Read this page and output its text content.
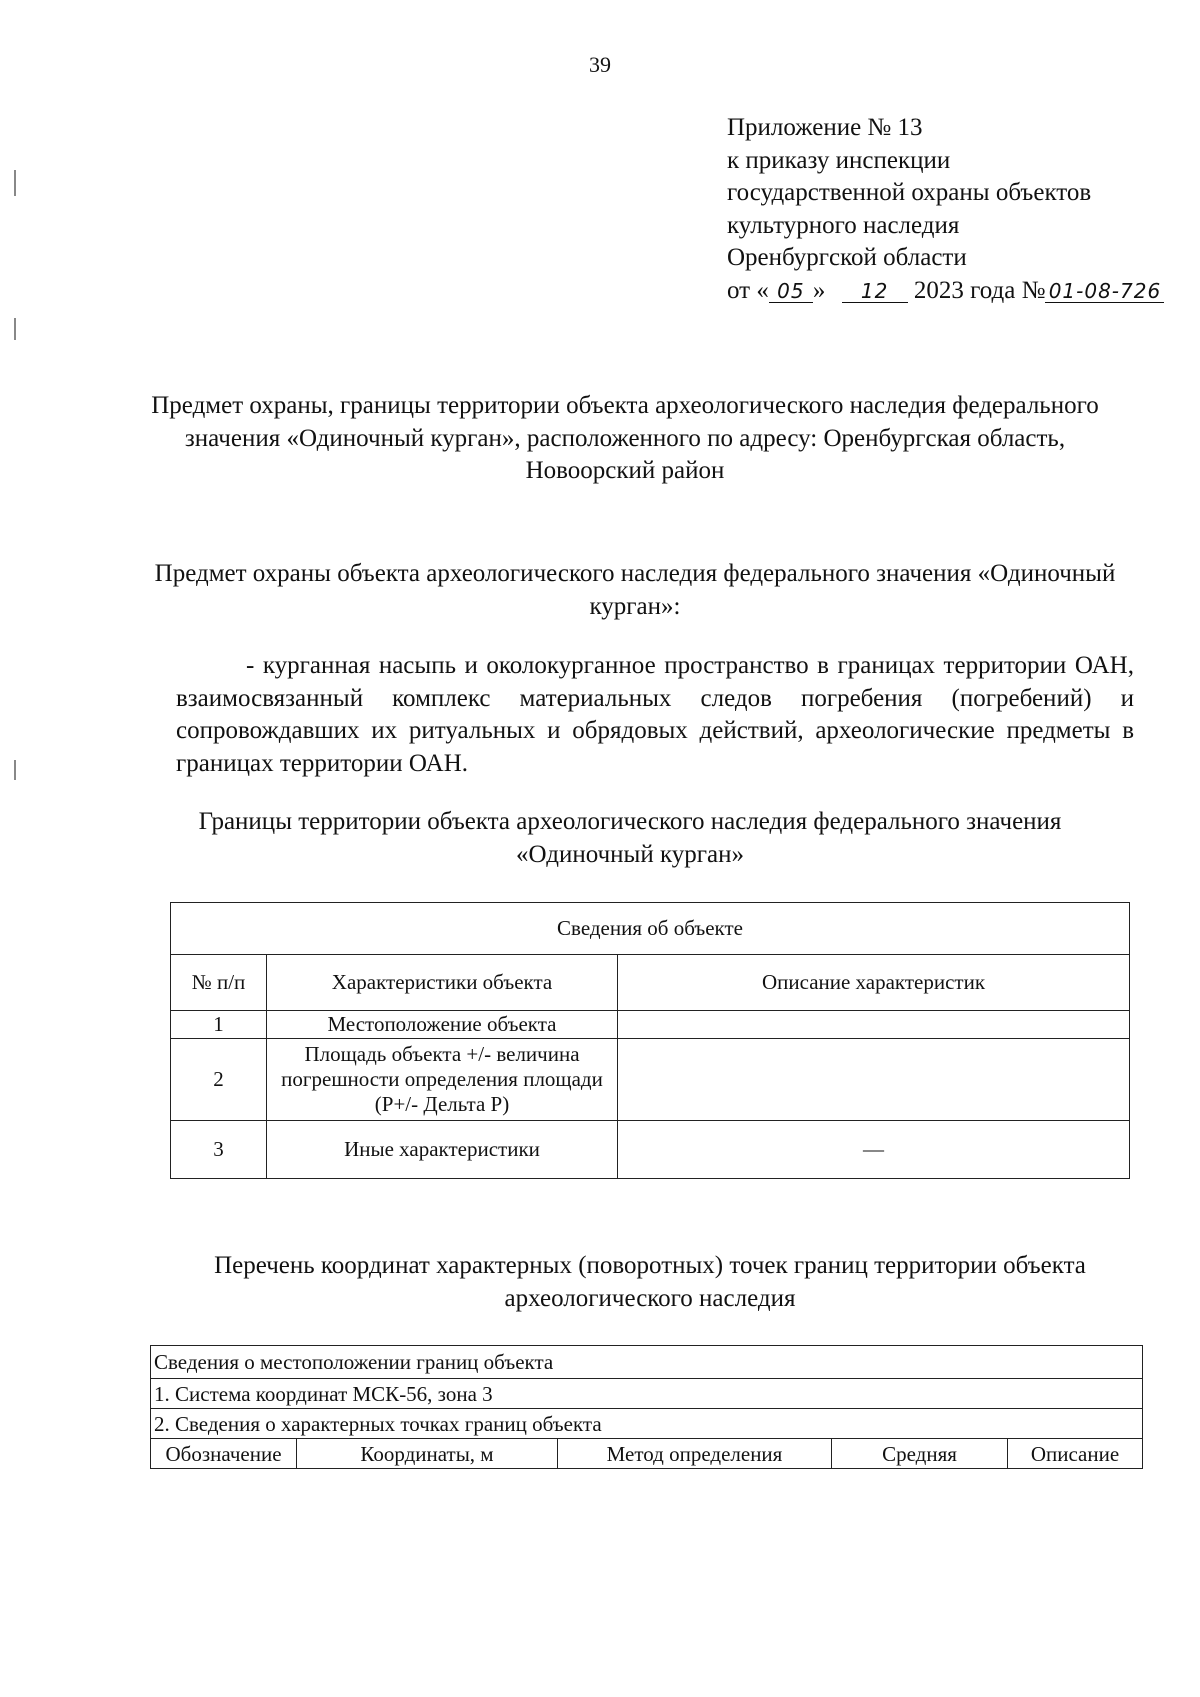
39
Приложение № 13
к приказу инспекции
государственной охраны объектов
культурного наследия
Оренбургской области
от « 05 » 12 2023 года № 01-08-726
Предмет охраны, границы территории объекта археологического наследия федерального значения «Одиночный курган», расположенного по адресу: Оренбургская область, Новоорский район
Предмет охраны объекта археологического наследия федерального значения «Одиночный курган»:
- курганная насыпь и околокурганное пространство в границах территории ОАН, взаимосвязанный комплекс материальных следов погребения (погребений) и сопровождавших их ритуальных и обрядовых действий, археологические предметы в границах территории ОАН.
Границы территории объекта археологического наследия федерального значения «Одиночный курган»
Сведения об объекте		
№ п/п	Характеристики объекта	Описание характеристик
1	Местоположение объекта	
2	Площадь объекта +/- величина погрешности определения площади (P+/- Дельта P)	
3	Иные характеристики	—
Перечень координат характерных (поворотных) точек границ территории объекта археологического наследия
Сведения о местоположении границ объекта
1. Система координат МСК-56, зона 3
2. Сведения о характерных точках границ объекта
Обозначение	Координаты, м	Метод определения	Средняя	Описание
